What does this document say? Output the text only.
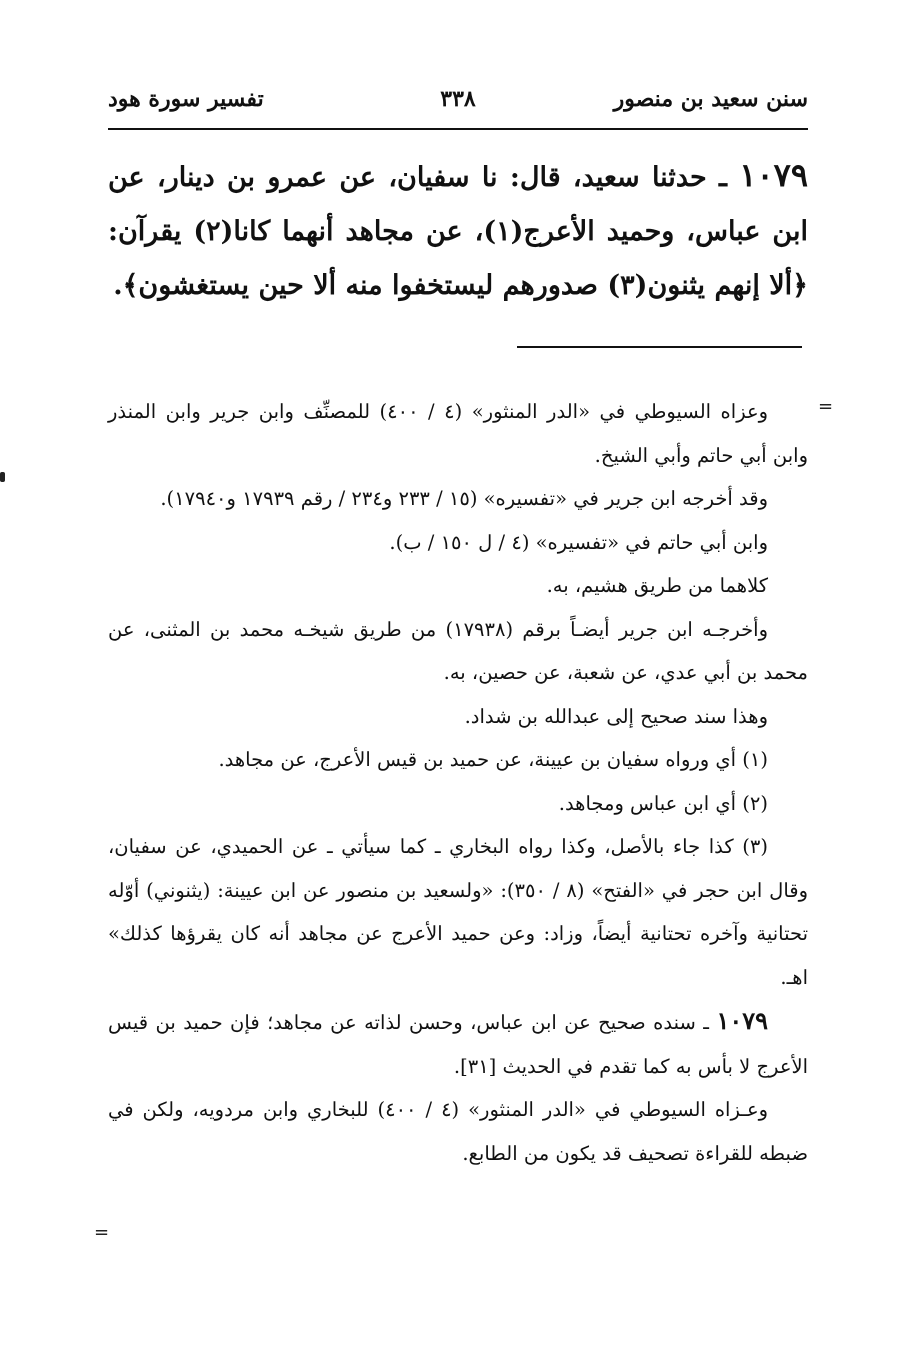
سنن سعيد بن منصور
٣٣٨
تفسير سورة هود
١٠٧٩ ـ حدثنا سعيد، قال: نا سفيان، عن عمرو بن دينار، عن ابن عباس، وحميد الأعرج(١)، عن مجاهد أنهما كانا(٢) يقرآن: ﴿ألا إنهم يثنون(٣) صدورهم ليستخفوا منه ألا حين يستغشون﴾.
=

وعزاه السيوطي في «الدر المنثور» (٤ / ٤٠٠) للمصنِّف وابن جرير وابن المنذر وابن أبي حاتم وأبي الشيخ.

وقد أخرجه ابن جرير في «تفسيره» (١٥ / ٢٣٣ و٢٣٤ / رقم ١٧٩٣٩ و١٧٩٤٠).

وابن أبي حاتم في «تفسيره» (٤ / ل ١٥٠ / ب).

كلاهما من طريق هشيم، به.

وأخرجـه ابن جرير أيضـاً برقم (١٧٩٣٨) من طريق شيخـه محمد بن المثنى، عن محمد بن أبي عدي، عن شعبة، عن حصين، به.

وهذا سند صحيح إلى عبدالله بن شداد.

(١) أي ورواه سفيان بن عيينة، عن حميد بن قيس الأعرج، عن مجاهد.

(٢) أي ابن عباس ومجاهد.

(٣) كذا جاء بالأصل، وكذا رواه البخاري ـ كما سيأتي ـ عن الحميدي، عن سفيان، وقال ابن حجر في «الفتح» (٨ / ٣٥٠): «ولسعيد بن منصور عن ابن عيينة: (يثنوني) أوّله تحتانية وآخره تحتانية أيضاً، وزاد: وعن حميد الأعرج عن مجاهد أنه كان يقرؤها كذلك» اهـ.

١٠٧٩ ـ سنده صحيح عن ابن عباس، وحسن لذاته عن مجاهد؛ فإن حميد بن قيس الأعرج لا بأس به كما تقدم في الحديث [٣١].

وعـزاه السيوطي في «الدر المنثور» (٤ / ٤٠٠) للبخاري وابن مردويه، ولكن في ضبطه للقراءة تصحيف قد يكون من الطابع.

=
